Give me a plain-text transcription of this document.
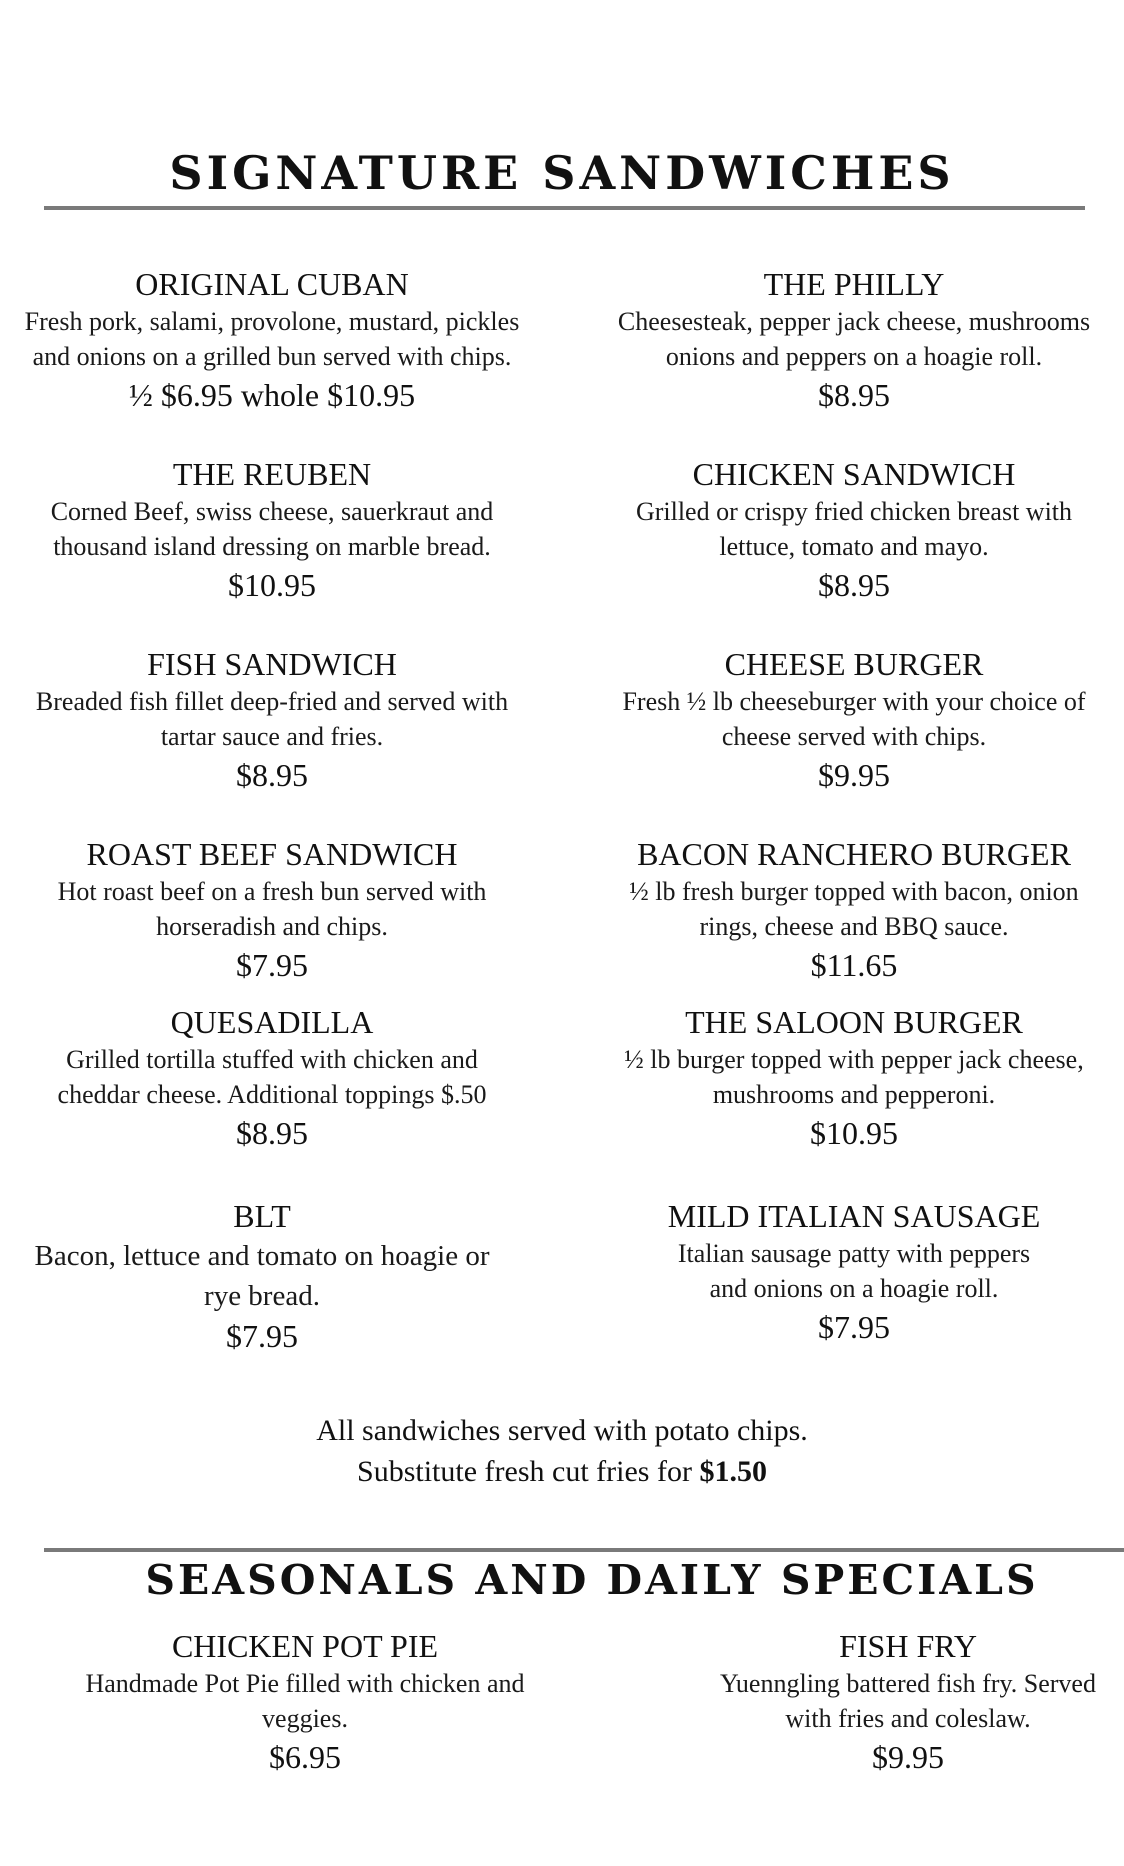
SIGNATURE SANDWICHES
ORIGINAL CUBAN
Fresh pork, salami, provolone, mustard, pickles
and onions on a grilled bun served with chips.
½ $6.95 whole $10.95
THE PHILLY
Cheesesteak, pepper jack cheese, mushrooms
onions and peppers on a hoagie roll.
$8.95
THE REUBEN
Corned Beef, swiss cheese, sauerkraut and
thousand island dressing on marble bread.
$10.95
CHICKEN SANDWICH
Grilled or crispy fried chicken breast with
lettuce, tomato and mayo.
$8.95
FISH SANDWICH
Breaded fish fillet deep-fried and served with
tartar sauce and fries.
$8.95
CHEESE BURGER
Fresh ½ lb cheeseburger with your choice of
cheese served with chips.
$9.95
ROAST BEEF SANDWICH
Hot roast beef on a fresh bun served with
horseradish and chips.
$7.95
BACON RANCHERO BURGER
½ lb fresh burger topped with bacon, onion
rings, cheese and BBQ sauce.
$11.65
QUESADILLA
Grilled tortilla stuffed with chicken and
cheddar cheese. Additional toppings $.50
$8.95
THE SALOON BURGER
½ lb burger topped with pepper jack cheese,
mushrooms and pepperoni.
$10.95
BLT
Bacon, lettuce and tomato on hoagie or
rye bread.
$7.95
MILD ITALIAN SAUSAGE
Italian sausage patty with peppers
and onions on a hoagie roll.
$7.95
All sandwiches served with potato chips.
Substitute fresh cut fries for $1.50
SEASONALS AND DAILY SPECIALS
CHICKEN POT PIE
Handmade Pot Pie filled with chicken and
veggies.
$6.95
FISH FRY
Yuenngling battered fish fry. Served
with fries and coleslaw.
$9.95
